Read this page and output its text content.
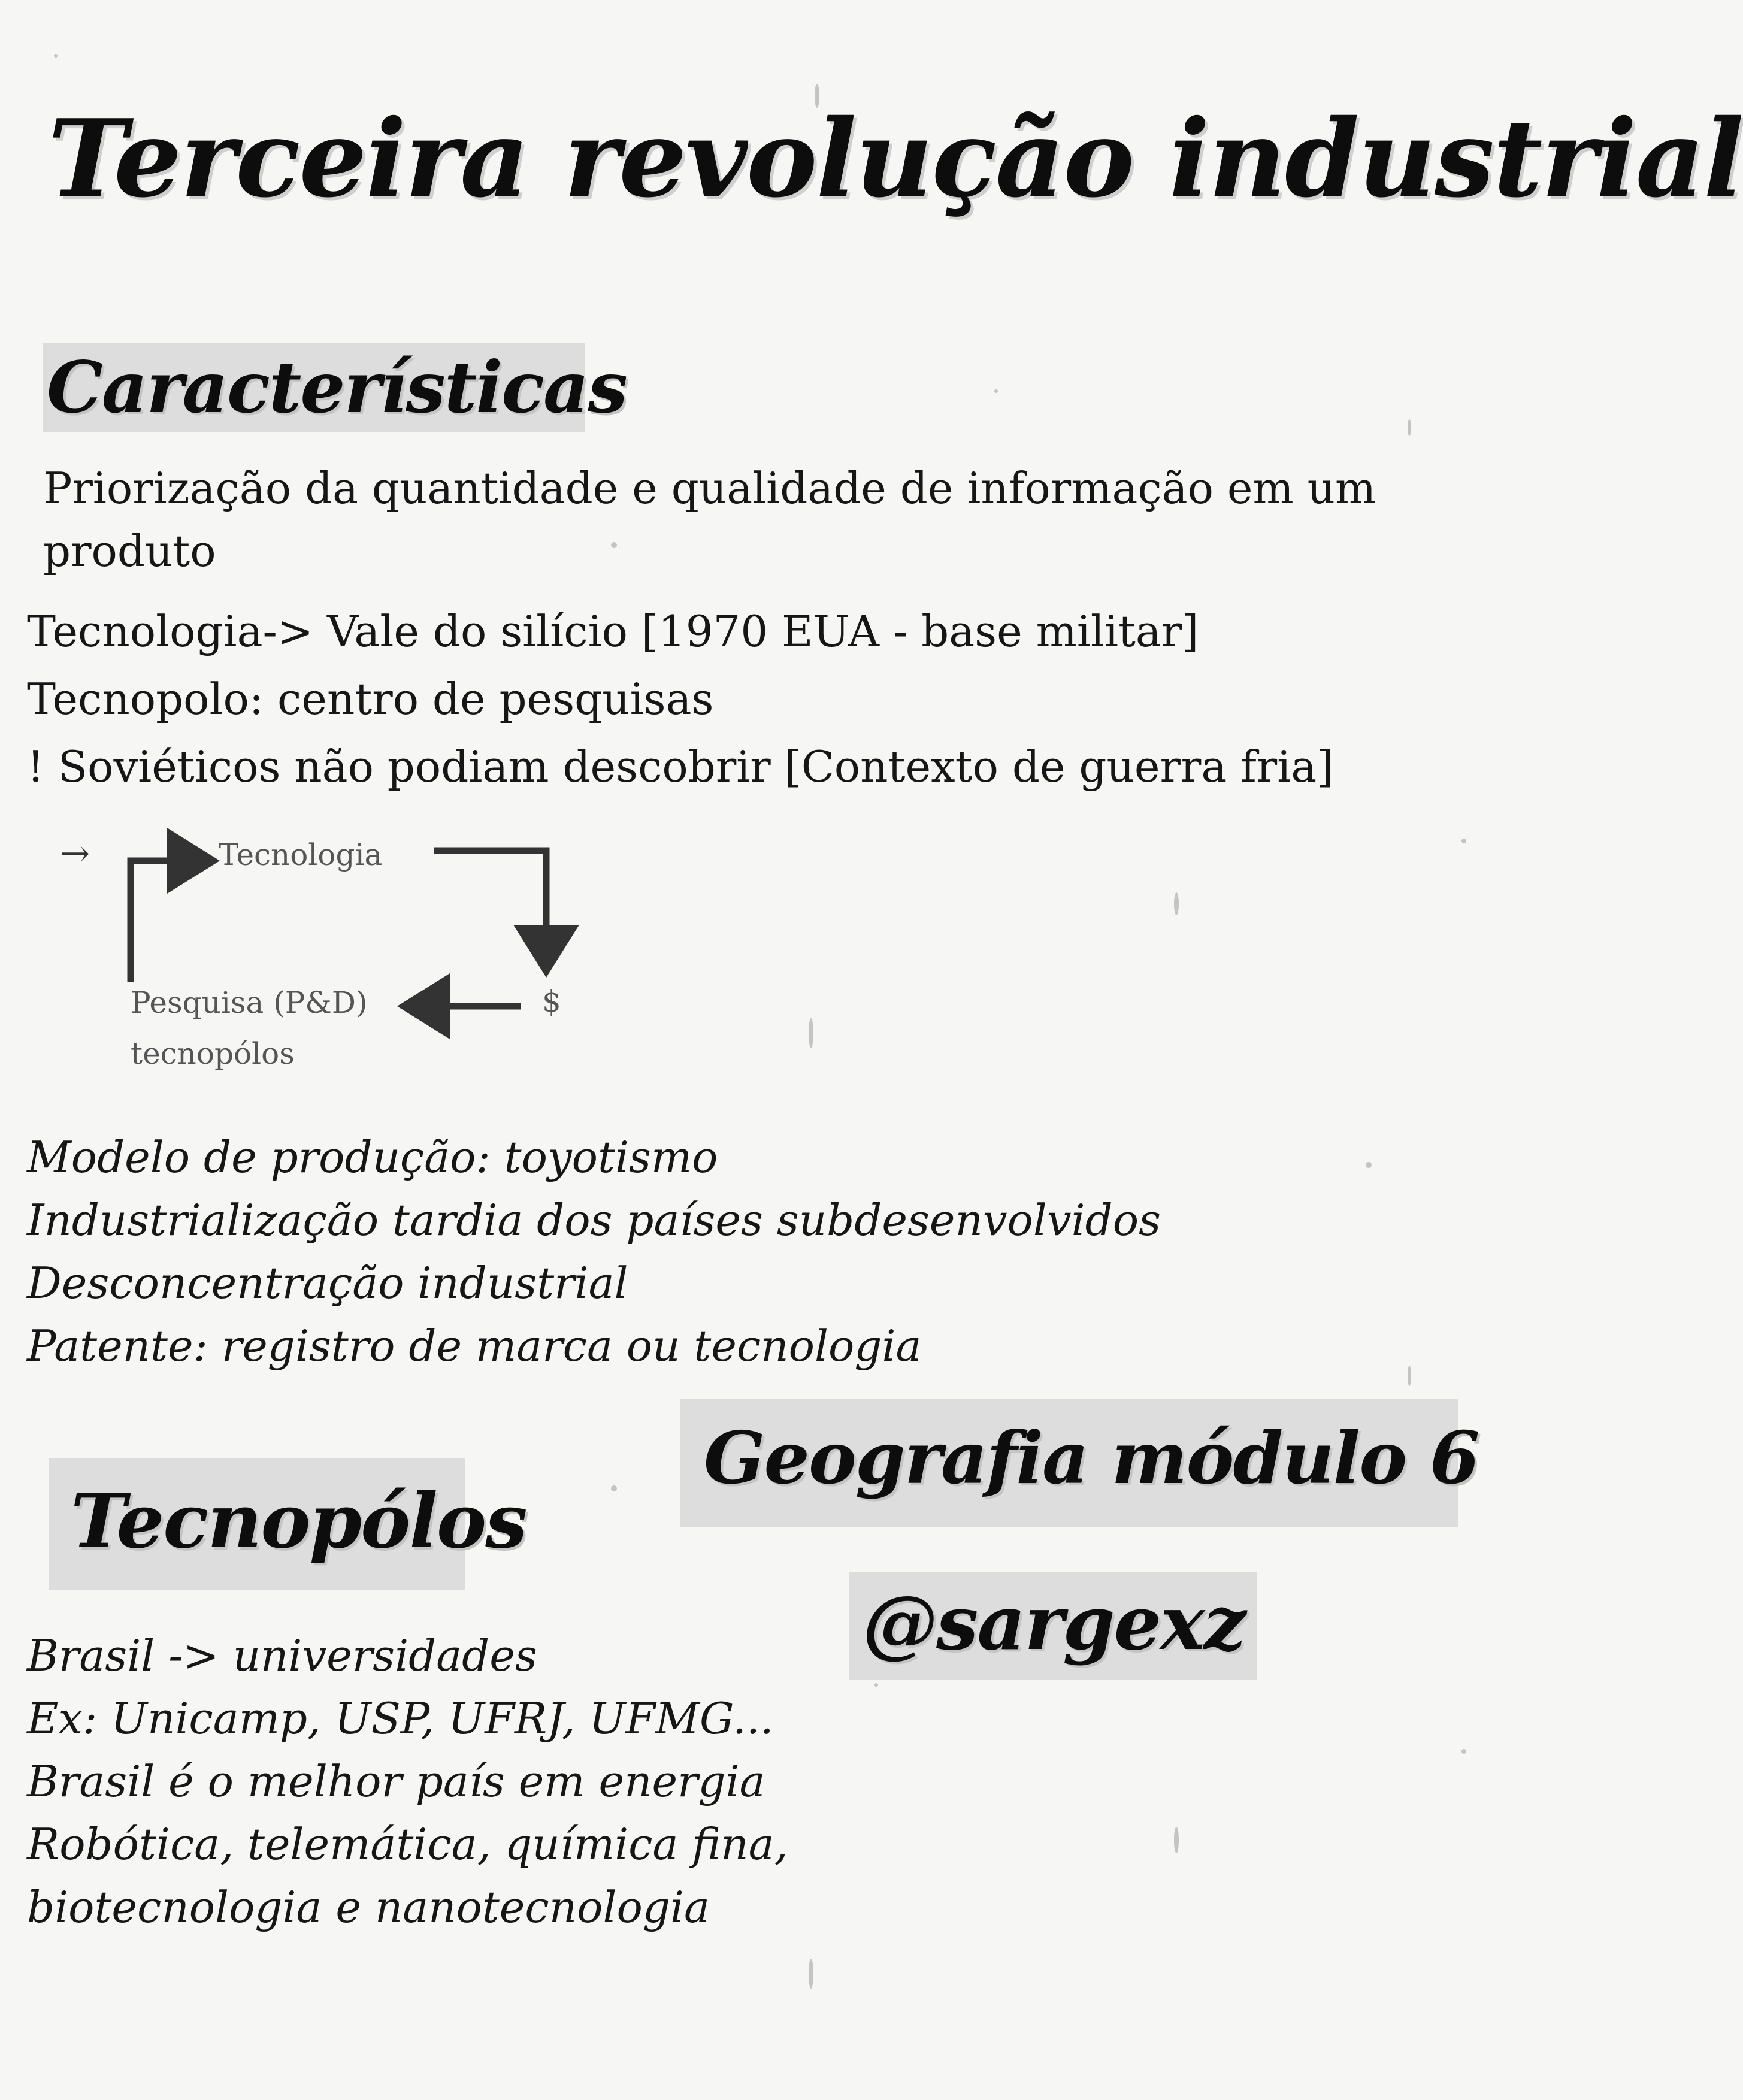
Terceira revolução industrial
Características

Priorização da quantidade e qualidade de informação em um

produto

Tecnologia-> Vale do silício [1970 EUA - base militar]
Tecnopolo: centro de pesquisas
! Soviéticos não podiam descobrir [Contexto de guerra fria]
→	Tecnologia
$
Pesquisa (P&D)
tecnopólos
Modelo de produção: toyotismo
Industrialização tardia dos países subdesenvolvidos
Desconcentração industrial
Patente: registro de marca ou tecnologia
Geografia módulo 6
@sargexz
Tecnopólos
Brasil -> universidades
Ex: Unicamp, USP, UFRJ, UFMG...
Brasil é o melhor país em energia
Robótica, telemática, química fina,
biotecnologia e nanotecnologia
